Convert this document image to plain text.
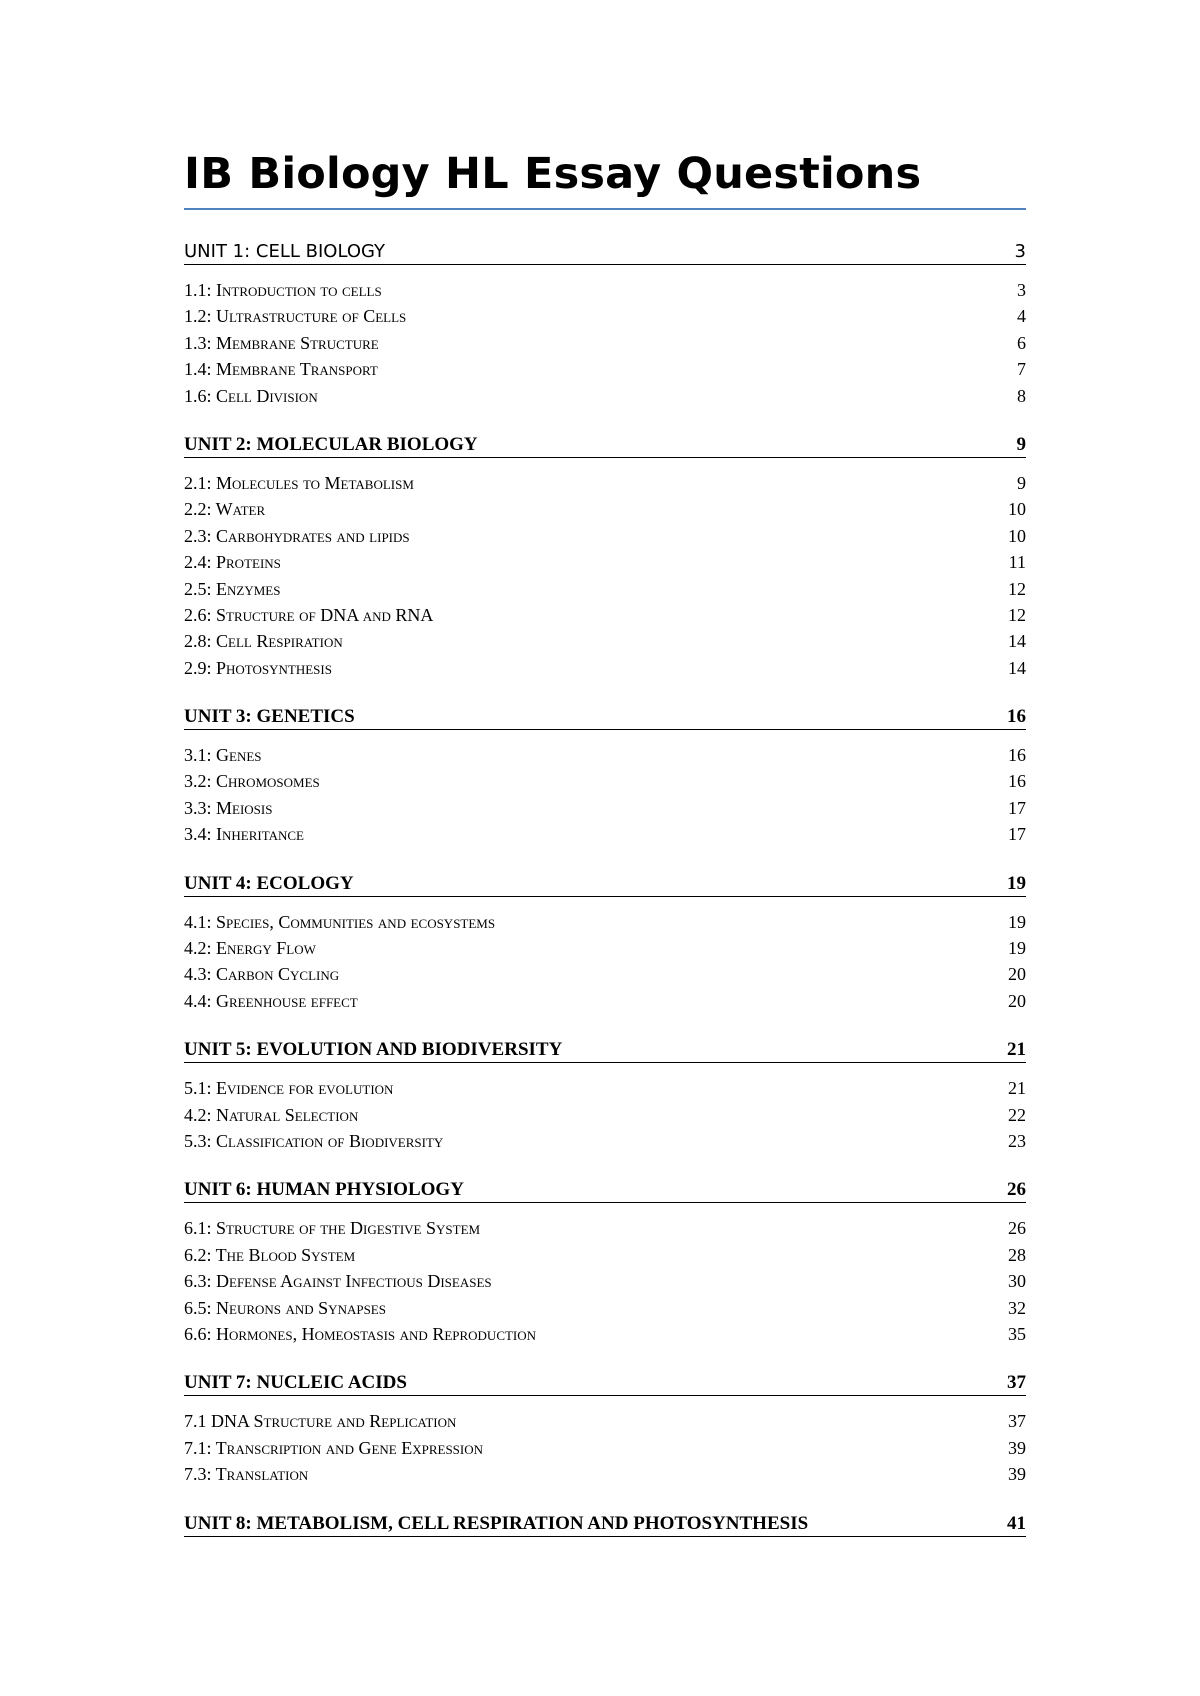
IB Biology HL Essay Questions
UNIT 1: CELL BIOLOGY	3
1.1: Introduction to cells	3
1.2: Ultrastructure of Cells	4
1.3: Membrane Structure	6
1.4: Membrane Transport	7
1.6: Cell Division	8
UNIT 2: MOLECULAR BIOLOGY	9
2.1: Molecules to Metabolism	9
2.2: Water	10
2.3: Carbohydrates and lipids	10
2.4: Proteins	11
2.5: Enzymes	12
2.6: Structure of DNA and RNA	12
2.8: Cell Respiration	14
2.9: Photosynthesis	14
UNIT 3: GENETICS	16
3.1: Genes	16
3.2: Chromosomes	16
3.3: Meiosis	17
3.4: Inheritance	17
UNIT 4: ECOLOGY	19
4.1: Species, Communities and ecosystems	19
4.2: Energy Flow	19
4.3: Carbon Cycling	20
4.4: Greenhouse effect	20
UNIT 5: EVOLUTION AND BIODIVERSITY	21
5.1: Evidence for evolution	21
4.2: Natural Selection	22
5.3: Classification of Biodiversity	23
UNIT 6: HUMAN PHYSIOLOGY	26
6.1: Structure of the Digestive System	26
6.2: The Blood System	28
6.3: Defense Against Infectious Diseases	30
6.5: Neurons and Synapses	32
6.6: Hormones, Homeostasis and Reproduction	35
UNIT 7: NUCLEIC ACIDS	37
7.1 DNA Structure and Replication	37
7.1: Transcription and Gene Expression	39
7.3: Translation	39
UNIT 8: METABOLISM, CELL RESPIRATION AND PHOTOSYNTHESIS	41
